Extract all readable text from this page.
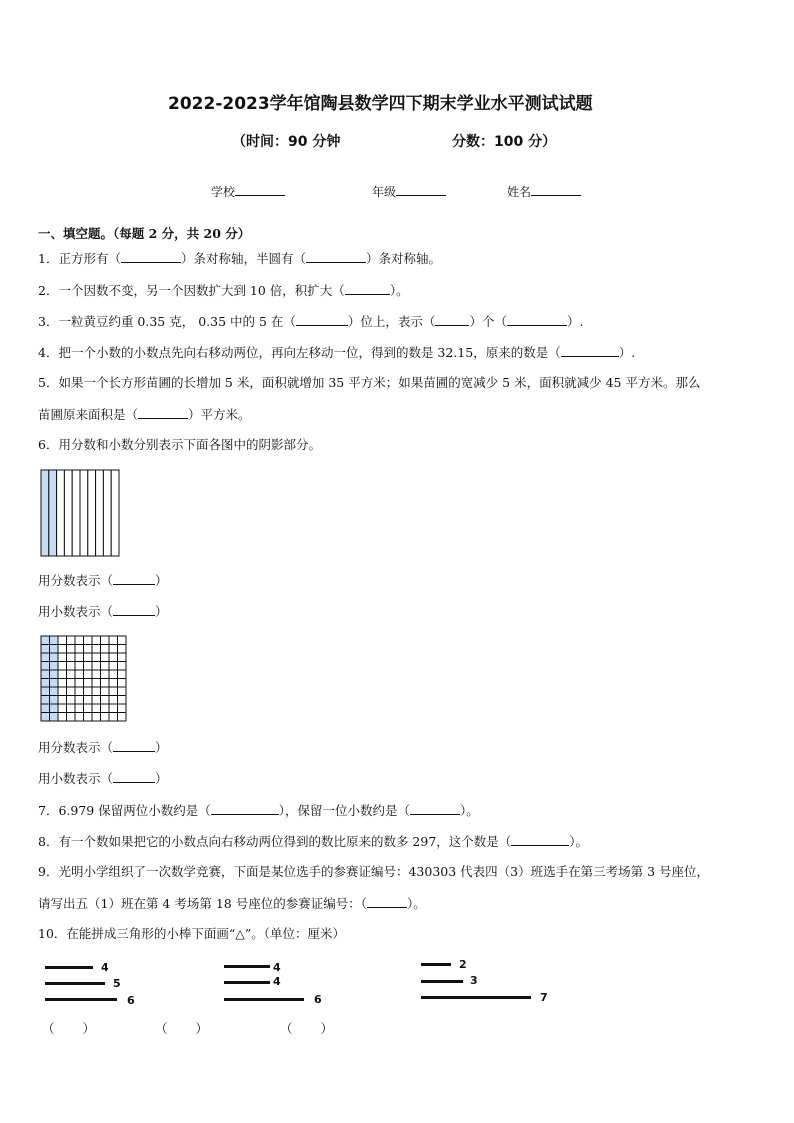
2022-2023学年馆陶县数学四下期末学业水平测试试题
（时间：90 分钟	分数：100 分）
学校	年级	姓名
一、填空题。（每题 2 分，共 20 分）
1．正方形有（	）条对称轴，半圆有（	）条对称轴。
2．一个因数不变，另一个因数扩大到 10 倍，积扩大（	）。
3．一粒黄豆约重 0.35 克， 0.35 中的 5 在（	）位上，表示（	）个（	）.
4．把一个小数的小数点先向右移动两位，再向左移动一位，得到的数是 32.15，原来的数是（	）.
5．如果一个长方形苗圃的长增加 5 米，面积就增加 35 平方米；如果苗圃的宽减少 5 米，面积就减少 45 平方米。那么
苗圃原来面积是（	）平方米。
6．用分数和小数分别表示下面各图中的阴影部分。
用分数表示（	）
用小数表示（	）
用分数表示（	）
用小数表示（	）
7．6.979 保留两位小数约是（	），保留一位小数约是（	）。
8．有一个数如果把它的小数点向右移动两位得到的数比原来的数多 297，这个数是（	）。
9．光明小学组织了一次数学竞赛，下面是某位选手的参赛证编号：430303 代表四（3）班选手在第三考场第 3 号座位，
请写出五（1）班在第 4 考场第 18 号座位的参赛证编号：（	）。
10．在能拼成三角形的小棒下面画“△”。（单位：厘米）
4
5
6
4
4
6
2
3
7
（ ）	（ ）	（ ）
